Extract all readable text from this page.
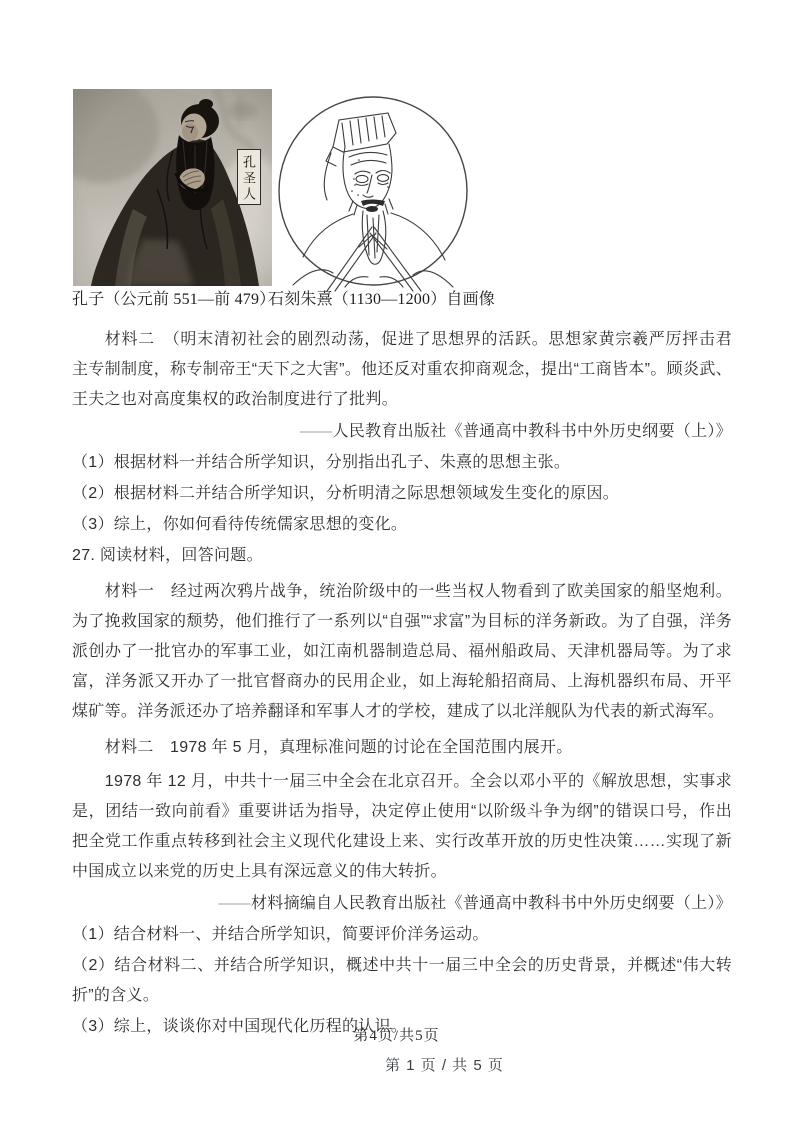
孔圣人
孔子（公元前 551—前 479）
石刻朱熹（1130—1200）自画像

材料二　（明末清初社会的剧烈动荡，促进了思想界的活跃。思想家黄宗羲严厉抨击君主专制制度，称专制帝王“天下之大害”。他还反对重农抑商观念，提出“工商皆本”。顾炎武、王夫之也对高度集权的政治制度进行了批判。

——人民教育出版社《普通高中教科书中外历史纲要（上）》

（1）根据材料一并结合所学知识，分别指出孔子、朱熹的思想主张。

（2）根据材料二并结合所学知识，分析明清之际思想领域发生变化的原因。

（3）综上，你如何看待传统儒家思想的变化。

27. 阅读材料，回答问题。

材料一　经过两次鸦片战争，统治阶级中的一些当权人物看到了欧美国家的船坚炮利。为了挽救国家的颓势，他们推行了一系列以“自强”“求富”为目标的洋务新政。为了自强，洋务派创办了一批官办的军事工业，如江南机器制造总局、福州船政局、天津机器局等。为了求富，洋务派又开办了一批官督商办的民用企业，如上海轮船招商局、上海机器织布局、开平煤矿等。洋务派还办了培养翻译和军事人才的学校，建成了以北洋舰队为代表的新式海军。

材料二　1978 年 5 月，真理标准问题的讨论在全国范围内展开。

1978 年 12 月，中共十一届三中全会在北京召开。全会以邓小平的《解放思想，实事求是，团结一致向前看》重要讲话为指导，决定停止使用“以阶级斗争为纲”的错误口号，作出把全党工作重点转移到社会主义现代化建设上来、实行改革开放的历史性决策……实现了新中国成立以来党的历史上具有深远意义的伟大转折。

——材料摘编自人民教育出版社《普通高中教科书中外历史纲要（上）》

（1）结合材料一、并结合所学知识，简要评价洋务运动。

（2）结合材料二、并结合所学知识，概述中共十一届三中全会的历史背景，并概述“伟大转折”的含义。

（3）综上，谈谈你对中国现代化历程的认识。

第4页/共5页
第 1 页 / 共 5 页
